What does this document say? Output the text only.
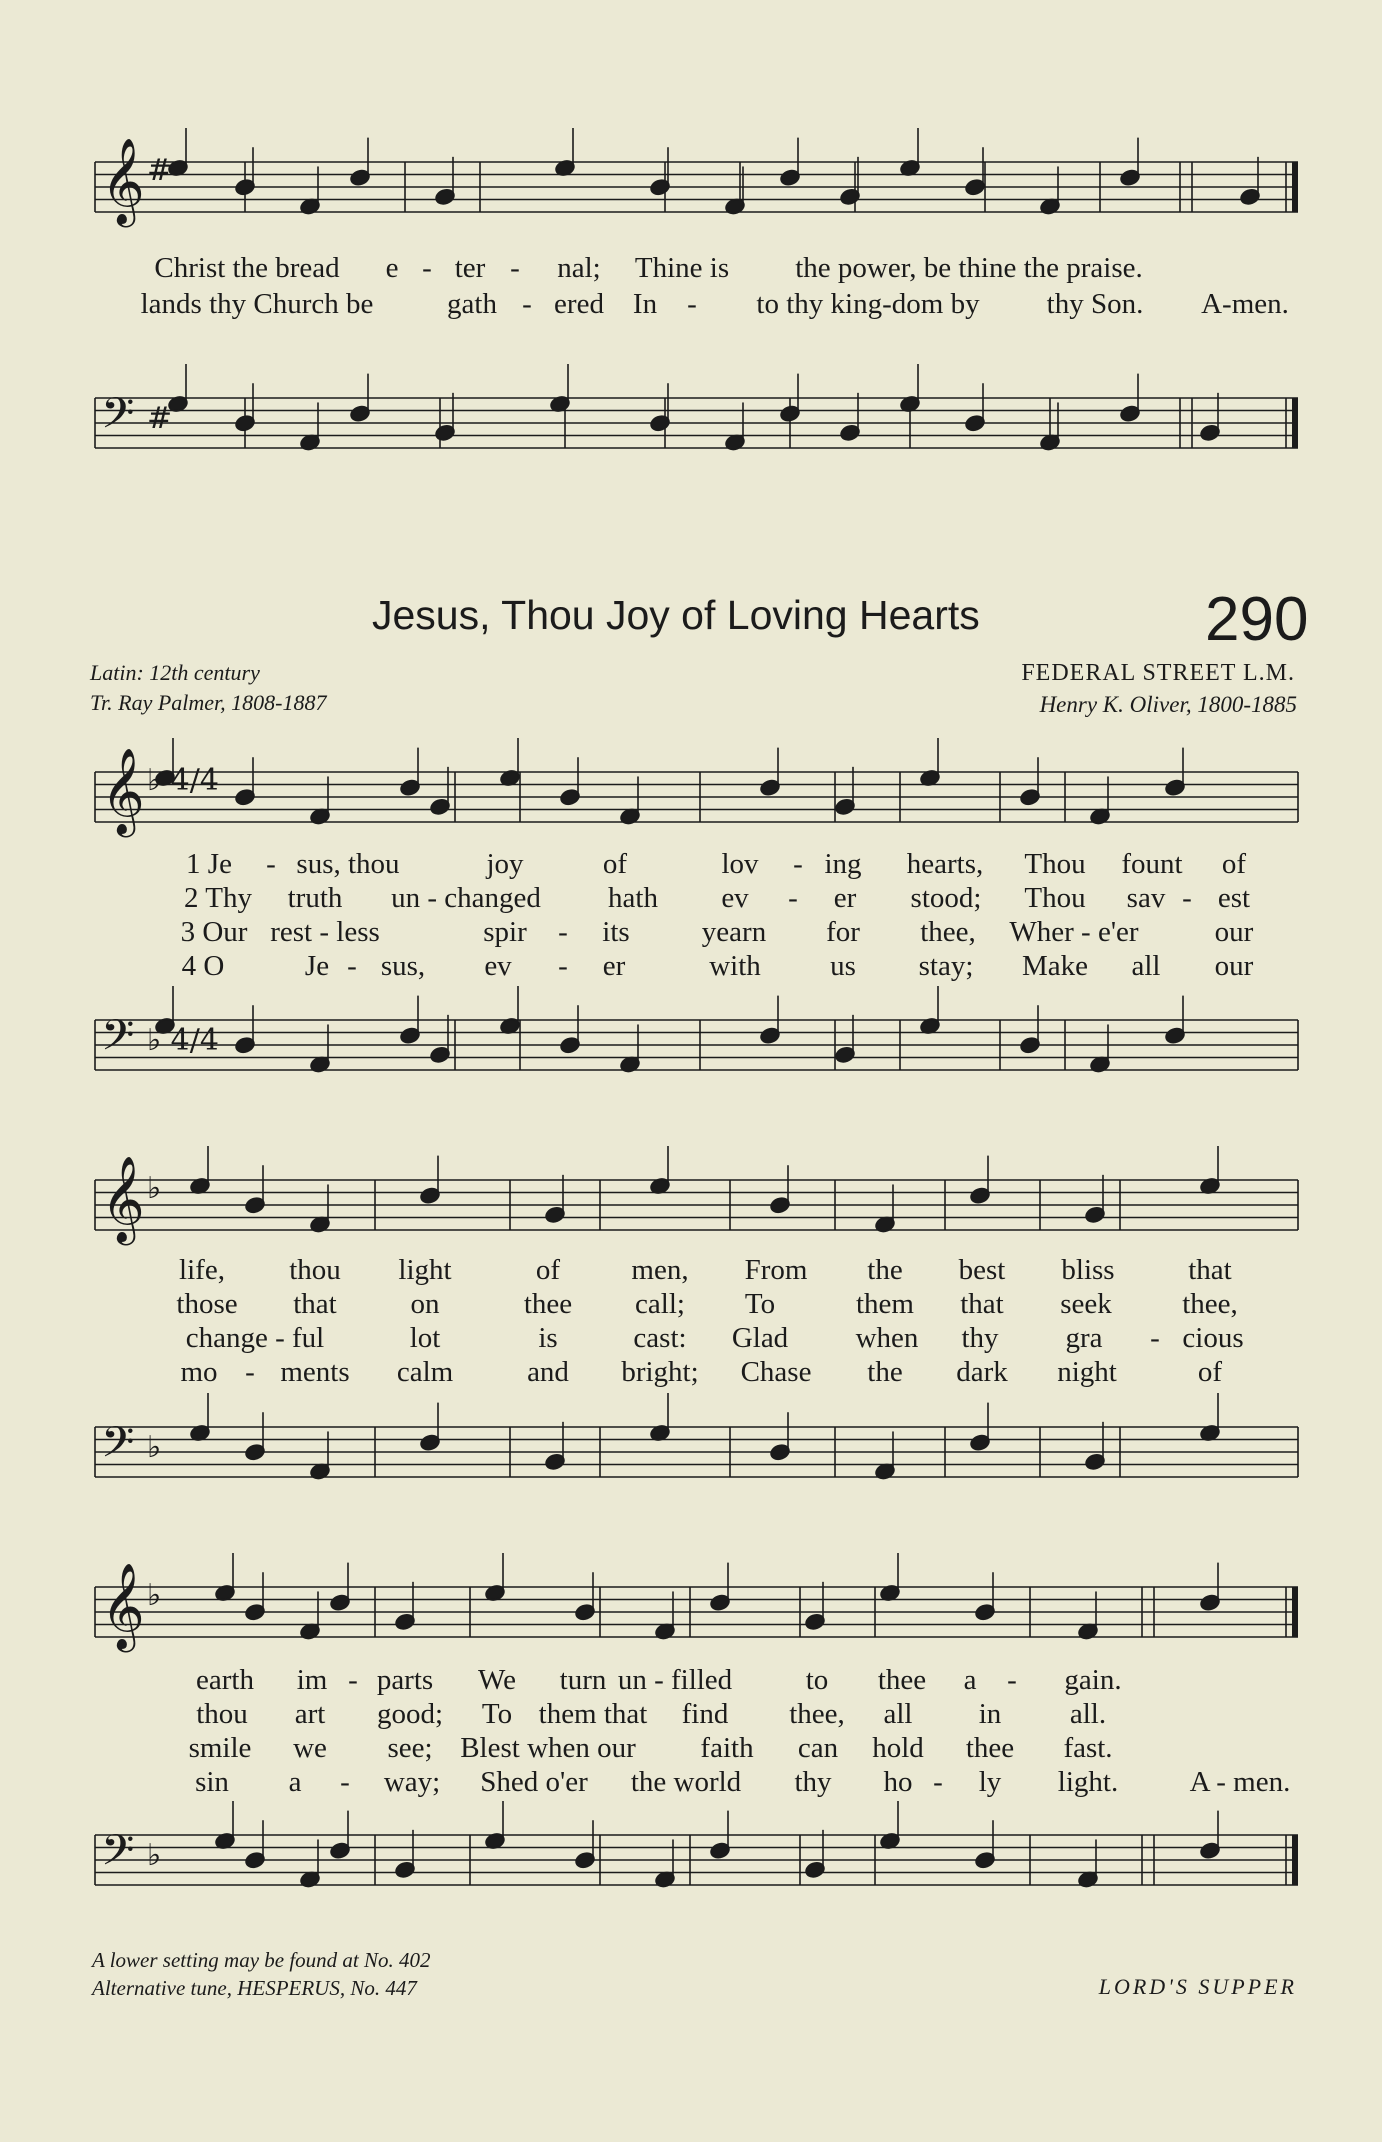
𝄞 #
𝄢 #
𝄞 ♭ 4/4
𝄢 ♭ 4/4
𝄞 ♭
𝄢 ♭
𝄞 ♭
𝄢 ♭
Christ the bread e - ter - nal; Thine is the power, be thine the praise.
lands thy Church be	gath - ered In - to thy king-dom by thy Son. A-men.
Jesus, Thou Joy of Loving Hearts	290
Latin: 12th century
Tr. Ray Palmer, 1808-1887
FEDERAL STREET L.M.
Henry K. Oliver, 1800-1885
1 Je - sus, thou	joy	of	lov - ing hearts, Thou fount of
2 Thy truth un - changed hath ev - er stood; Thou sav - est
3 Our rest - less	spir - its yearn for thee, Wher - e'er	our
4 O	Je - sus, ev - er	with us stay; Make all our
life, thou light	of men, From the best bliss	that
those that	on	thee call; To	them that seek thee,
change - ful	lot	is	cast: Glad when thy gra - cious
mo - ments calm	and bright; Chase the dark night	of
earth im - parts We turn un - filled	to thee a - gain.
thou art good; To them that find thee, all in all.
smile we see; Blest when our faith can hold thee fast.
sin a - way; Shed o'er the world thy ho - ly light. A - men.
A lower setting may be found at No. 402
Alternative tune, HESPERUS, No. 447	LORD'S SUPPER
